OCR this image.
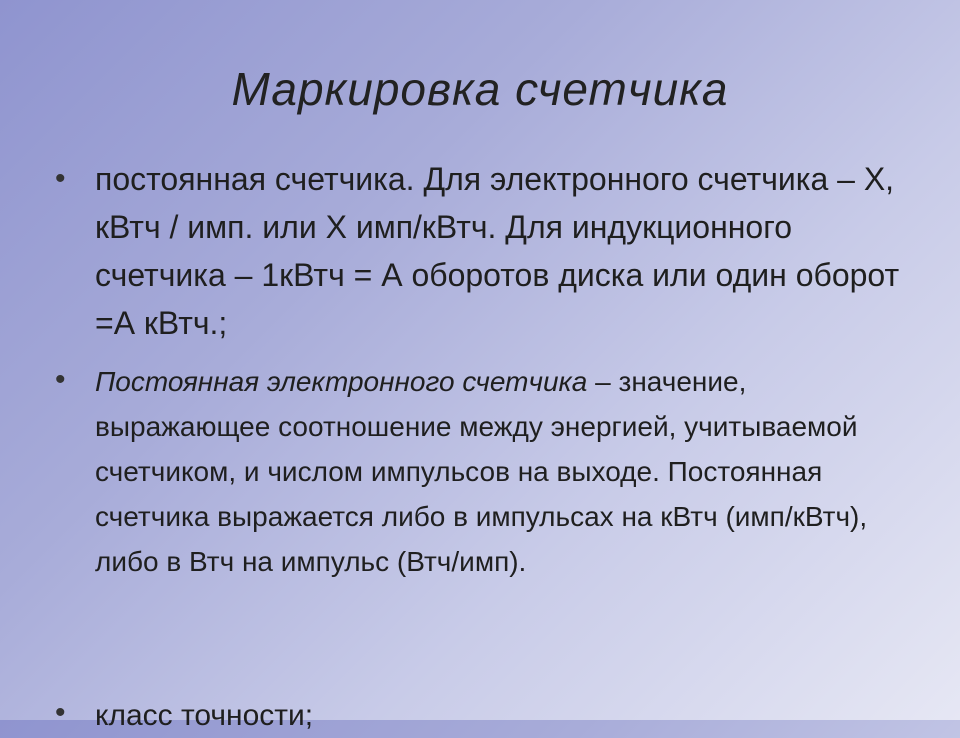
Маркировка счетчика
• постоянная счетчика. Для электронного счетчика – Х, кВтч / имп. или Х имп/кВтч. Для индукционного счетчика – 1кВтч = А оборотов диска или один оборот =А кВтч.;
• Постоянная электронного счетчика – значение, выражающее соотношение между энергией, учитываемой счетчиком, и числом импульсов на выходе. Постоянная счетчика выражается либо в импульсах на кВтч (имп/кВтч), либо в Втч на импульс (Втч/имп).
• класс точности;
